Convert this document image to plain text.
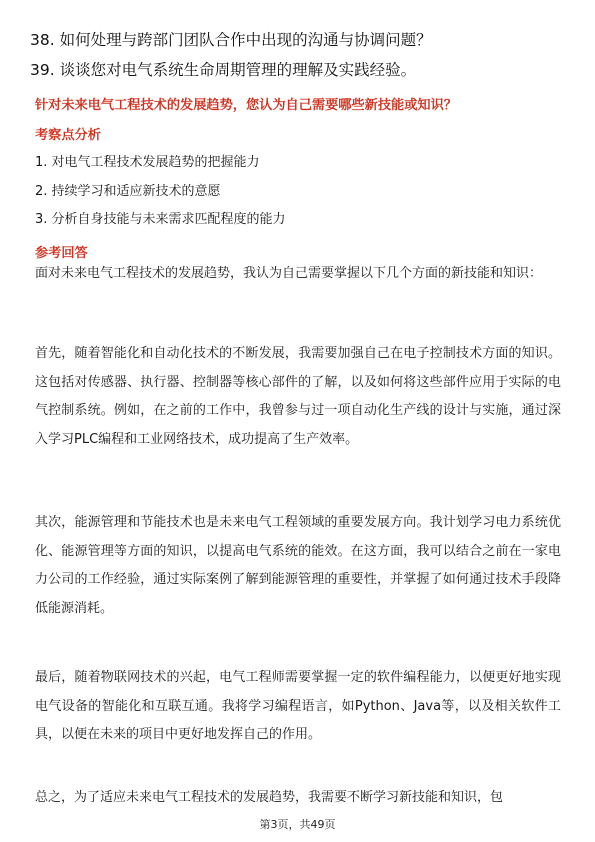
38. 如何处理与跨部门团队合作中出现的沟通与协调问题？
39. 谈谈您对电气系统生命周期管理的理解及实践经验。
针对未来电气工程技术的发展趋势，您认为自己需要哪些新技能或知识？
考察点分析
1. 对电气工程技术发展趋势的把握能力
2. 持续学习和适应新技术的意愿
3. 分析自身技能与未来需求匹配程度的能力
参考回答
面对未来电气工程技术的发展趋势，我认为自己需要掌握以下几个方面的新技能和知识：
首先，随着智能化和自动化技术的不断发展，我需要加强自己在电子控制技术方面的知识。这包括对传感器、执行器、控制器等核心部件的了解，以及如何将这些部件应用于实际的电气控制系统。例如，在之前的工作中，我曾参与过一项自动化生产线的设计与实施，通过深入学习PLC编程和工业网络技术，成功提高了生产效率。
其次，能源管理和节能技术也是未来电气工程领域的重要发展方向。我计划学习电力系统优化、能源管理等方面的知识，以提高电气系统的能效。在这方面，我可以结合之前在一家电力公司的工作经验，通过实际案例了解到能源管理的重要性，并掌握了如何通过技术手段降低能源消耗。
最后，随着物联网技术的兴起，电气工程师需要掌握一定的软件编程能力，以便更好地实现电气设备的智能化和互联互通。我将学习编程语言，如Python、Java等，以及相关软件工具，以便在未来的项目中更好地发挥自己的作用。
总之，为了适应未来电气工程技术的发展趋势，我需要不断学习新技能和知识，包
第3页，共49页
